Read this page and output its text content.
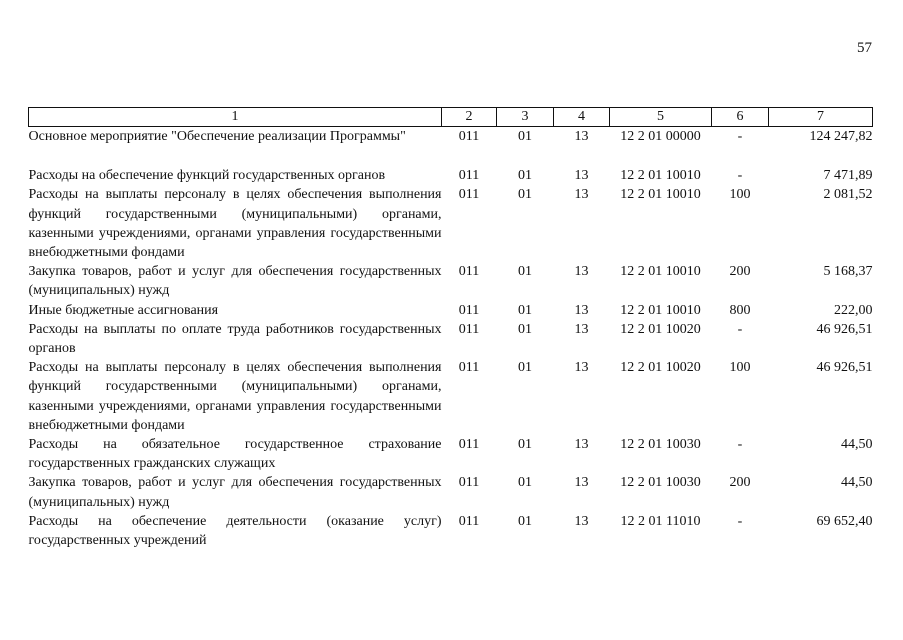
57
1	2	3	4	5	6	7
Основное мероприятие "Обеспечение реализации Программы"	011	01	13	12 2 01 00000	-	124 247,82

Расходы на обеспечение функций государственных органов	011	01	13	12 2 01 10010	-	7 471,89
Расходы на выплаты персоналу в целях обеспечения выполнения функций государственными (муниципальными) органами, казенными учреждениями, органами управления государственными внебюджетными фондами	011	01	13	12 2 01 10010	100	2 081,52
Закупка товаров, работ и услуг для обеспечения государственных (муниципальных) нужд	011	01	13	12 2 01 10010	200	5 168,37
Иные бюджетные ассигнования	011	01	13	12 2 01 10010	800	222,00
Расходы на выплаты по оплате труда работников государственных органов	011	01	13	12 2 01 10020	-	46 926,51
Расходы на выплаты персоналу в целях обеспечения выполнения функций государственными (муниципальными) органами, казенными учреждениями, органами управления государственными внебюджетными фондами	011	01	13	12 2 01 10020	100	46 926,51
Расходы на обязательное государственное страхование государственных гражданских служащих	011	01	13	12 2 01 10030	-	44,50
Закупка товаров, работ и услуг для обеспечения государственных (муниципальных) нужд	011	01	13	12 2 01 10030	200	44,50
Расходы на обеспечение деятельности (оказание услуг) государственных учреждений	011	01	13	12 2 01 11010	-	69 652,40
